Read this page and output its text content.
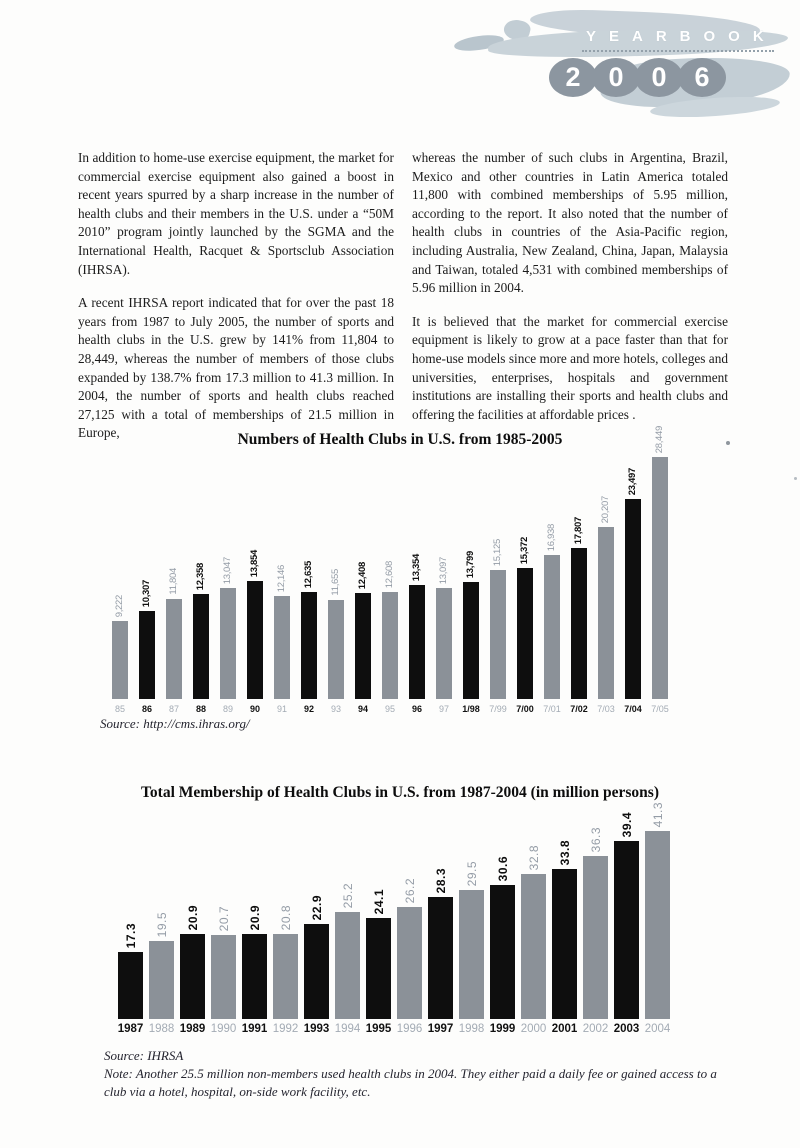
YEARBOOK
2	0	0	6

In addition to home-use exercise equipment, the market for commercial exercise equipment also gained a boost in recent years spurred by a sharp increase in the number of health clubs and their members in the U.S. under a “50M 2010” program jointly launched by the SGMA and the International Health, Racquet & Sportsclub Association (IHRSA).

A recent IHRSA report indicated that for over the past 18 years from 1987 to July 2005, the number of sports and health clubs in the U.S. grew by 141% from 11,804 to 28,449, whereas the number of members of those clubs expanded by 138.7% from 17.3 million to 41.3 million. In 2004, the number of sports and health clubs reached 27,125 with a total of memberships of 21.5 million in Europe,

whereas the number of such clubs in Argentina, Brazil, Mexico and other countries in Latin America totaled 11,800 with combined memberships of 5.95 million, according to the report. It also noted that the number of health clubs in countries of the Asia-Pacific region, including Australia, New Zealand, China, Japan, Malaysia and Taiwan, totaled 4,531 with combined memberships of 5.96 million in 2004.

It is believed that the market for commercial exercise equipment is likely to grow at a pace faster than that for home-use models since more and more hotels, colleges and universities, enterprises, hospitals and government institutions are installing their sports and health clubs and offering the facilities at affordable prices .

Numbers of Health Clubs in U.S. from 1985-2005
9,222
85
10,307
86
11,804
87
12,358
88
13,047
89
13,854
90
12,146
91
12,635
92
11,655
93
12,408
94
12,608
95
13,354
96
13,097
97
13,799
1/98
15,125
7/99
15,372
7/00
16,938
7/01
17,807
7/02
20,207
7/03
23,497
7/04
28,449
7/05
Source: http://cms.ihras.org/
Total Membership of Health Clubs in U.S. from 1987-2004 (in million persons)
17.3
1987
19.5
1988
20.9
1989
20.7
1990
20.9
1991
20.8
1992
22.9
1993
25.2
1994
24.1
1995
26.2
1996
28.3
1997
29.5
1998
30.6
1999
32.8
2000
33.8
2001
36.3
2002
39.4
2003
41.3
2004
Source: IHRSA
Note: Another 25.5 million non-members used health clubs in 2004. They either paid a daily fee or gained access to a club via a hotel, hospital, on-side work facility, etc.
